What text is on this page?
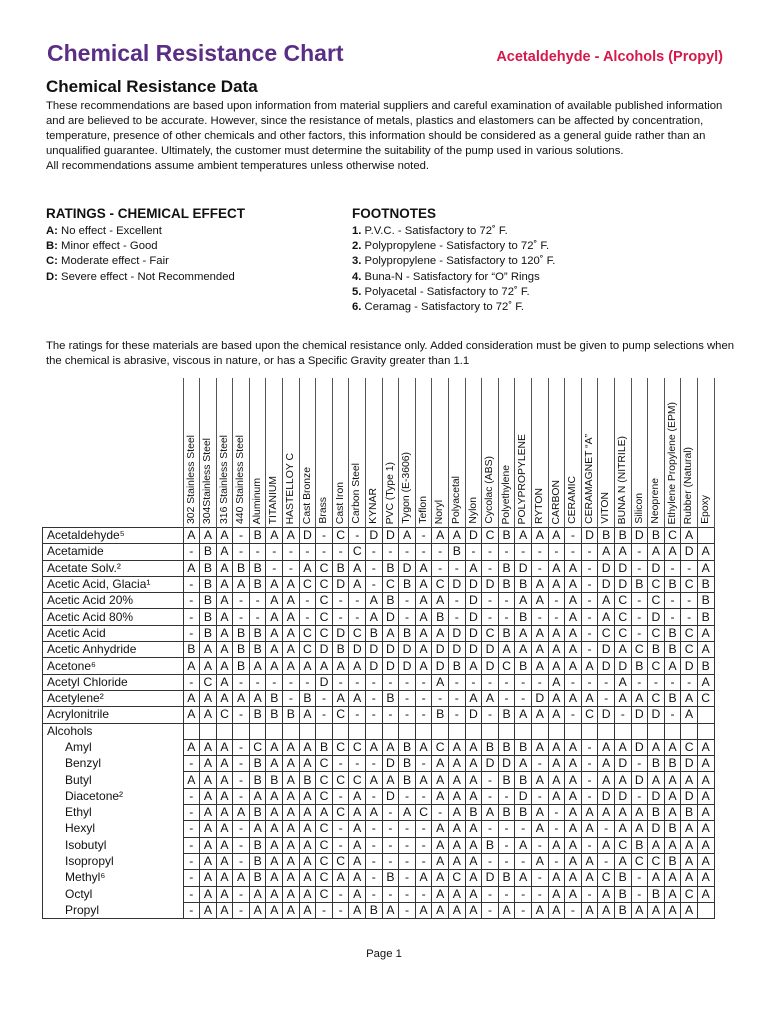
Chemical Resistance Chart	Acetaldehyde - Alcohols (Propyl)
Chemical Resistance Data
These recommendations are based upon information from material suppliers and careful examination of available published information and are believed to be accurate. However, since the resistance of metals, plastics and elastomers can be affected by concentration, temperature, presence of other chemicals and other factors, this information should be considered as a general guide rather than an unqualified guarantee. Ultimately, the customer must determine the suitability of the pump used in various solutions.
All recommendations assume ambient temperatures unless otherwise noted.
RATINGS - CHEMICAL EFFECT
A: No effect - Excellent
B: Minor effect - Good
C: Moderate effect - Fair
D: Severe effect - Not Recommended
FOOTNOTES
1. P.V.C. - Satisfactory to 72˚ F.
2. Polypropylene - Satisfactory to 72˚ F.
3. Polypropylene - Satisfactory to 120˚ F.
4. Buna-N - Satisfactory for “O” Rings
5. Polyacetal - Satisfactory to 72˚ F.
6. Ceramag - Satisfactory to 72˚ F.
The ratings for these materials are based upon the chemical resistance only. Added consideration must be given to pump selections when the chemical is abrasive, viscous in nature, or has a Specific Gravity greater than 1.1

	302 Stainless Steel	304Stainless Steel	316 Stainless Steel	440 Stainless Steel	Aluminum	TITANIUM	HASTELLOY C	Cast Bronze	Brass	Cast Iron	Carbon Steel	KYNAR	PVC (Type 1)	Tygon (E-3606)	Teflon	Noryl	Polyacetal	Nylon	Cycolac (ABS)	Polyethylene	POLYPROPYLENE	RYTON	CARBON	CERAMIC	CERAMAGNET “A”	VITON	BUNA N (NITRILE)	Silicon	Neoprene	Ethylene Propylene (EPM)	Rubber (Natural)	Epoxy

Acetaldehyde⁵	A	A	A	-	B	A	A	D	-	C	-	D	D	A	-	A	A	D	C	B	A	A	A	-	D	B	B	D	B	C	A	
Acetamide	-	B	A	-	-	-	-	-	-	-	C	-	-	-	-	-	B	-	-	-	-	-	-	-	-	A	A	-	A	A	D	A
Acetate Solv.²	A	B	A	B	B	-	-	A	C	B	A	-	B	D	A	-	-	A	-	B	D	-	A	A	-	D	D	-	D	-	-	A
Acetic Acid, Glacia¹	-	B	A	A	B	A	A	C	C	D	A	-	C	B	A	C	D	D	D	B	B	A	A	A	-	D	D	B	C	B	C	B
Acetic Acid 20%	-	B	A	-	-	A	A	-	C	-	-	A	B	-	A	A	-	D	-	-	A	A	-	A	-	A	C	-	C	-	-	B
Acetic Acid 80%	-	B	A	-	-	A	A	-	C	-	-	A	D	-	A	B	-	D	-	-	B	-	-	A	-	A	C	-	D	-	-	B
Acetic Acid	-	B	A	B	B	A	A	C	C	D	C	B	A	B	A	A	D	D	C	B	A	A	A	A	-	C	C	-	C	B	C	A
Acetic Anhydride	B	A	A	B	B	A	A	C	D	B	D	D	D	D	A	D	D	D	D	A	A	A	A	A	-	D	A	C	B	B	C	A
Acetone⁶	A	A	A	B	A	A	A	A	A	A	A	D	D	D	A	D	B	A	D	C	B	A	A	A	A	D	D	B	C	A	D	B
Acetyl Chloride	-	C	A	-	-	-	-	-	D	-	-	-	-	-	-	A	-	-	-	-	-	-	A	-	-	-	A	-	-	-	-	A
Acetylene²	A	A	A	A	A	B	-	B	-	A	A	-	B	-	-	-	-	A	A	-	-	D	A	A	A	-	A	A	C	B	A	C
Acrylonitrile	A	A	C	-	B	B	B	A	-	C	-	-	-	-	-	B	-	D	-	B	A	A	A	-	C	D	-	D	D	-	A	
Alcohols																																
Amyl	A	A	A	-	C	A	A	A	B	C	C	A	A	B	A	C	A	A	B	B	B	A	A	A	-	A	A	D	A	A	C	A
Benzyl	-	A	A	-	B	A	A	A	C	-	-	-	D	B	-	A	A	A	D	D	A	-	A	A	-	A	D	-	B	B	D	A
Butyl	A	A	A	-	B	B	A	B	C	C	C	A	A	B	A	A	A	A	-	B	B	A	A	A	-	A	A	D	A	A	A	A
Diacetone²	-	A	A	-	A	A	A	A	C	-	A	-	D	-	-	A	A	A	-	-	D	-	A	A	-	D	D	-	D	A	D	A
Ethyl	-	A	A	A	B	A	A	A	A	C	A	A	-	A	C	-	A	B	A	B	B	A	-	A	A	A	A	A	B	A	B	A
Hexyl	-	A	A	-	A	A	A	A	C	-	A	-	-	-	-	A	A	A	-	-	-	A	-	A	A	-	A	A	D	B	A	A
Isobutyl	-	A	A	-	B	A	A	A	C	-	A	-	-	-	-	A	A	A	B	-	A	-	A	A	-	A	C	B	A	A	A	A
Isopropyl	-	A	A	-	B	A	A	A	C	C	A	-	-	-	-	A	A	A	-	-	-	A	-	A	A	-	A	C	C	B	A	A
Methyl⁶	-	A	A	A	B	A	A	A	C	A	A	-	B	-	A	A	C	A	D	B	A	-	A	A	A	C	B	-	A	A	A	A
Octyl	-	A	A	-	A	A	A	A	C	-	A	-	-	-	-	A	A	A	-	-	-	-	A	A	-	A	B	-	B	A	C	A
Propyl	-	A	A	-	A	A	A	A	-	-	A	B	A	-	A	A	A	A	-	A	-	A	A	-	A	A	B	A	A	A	A	
Page 1
